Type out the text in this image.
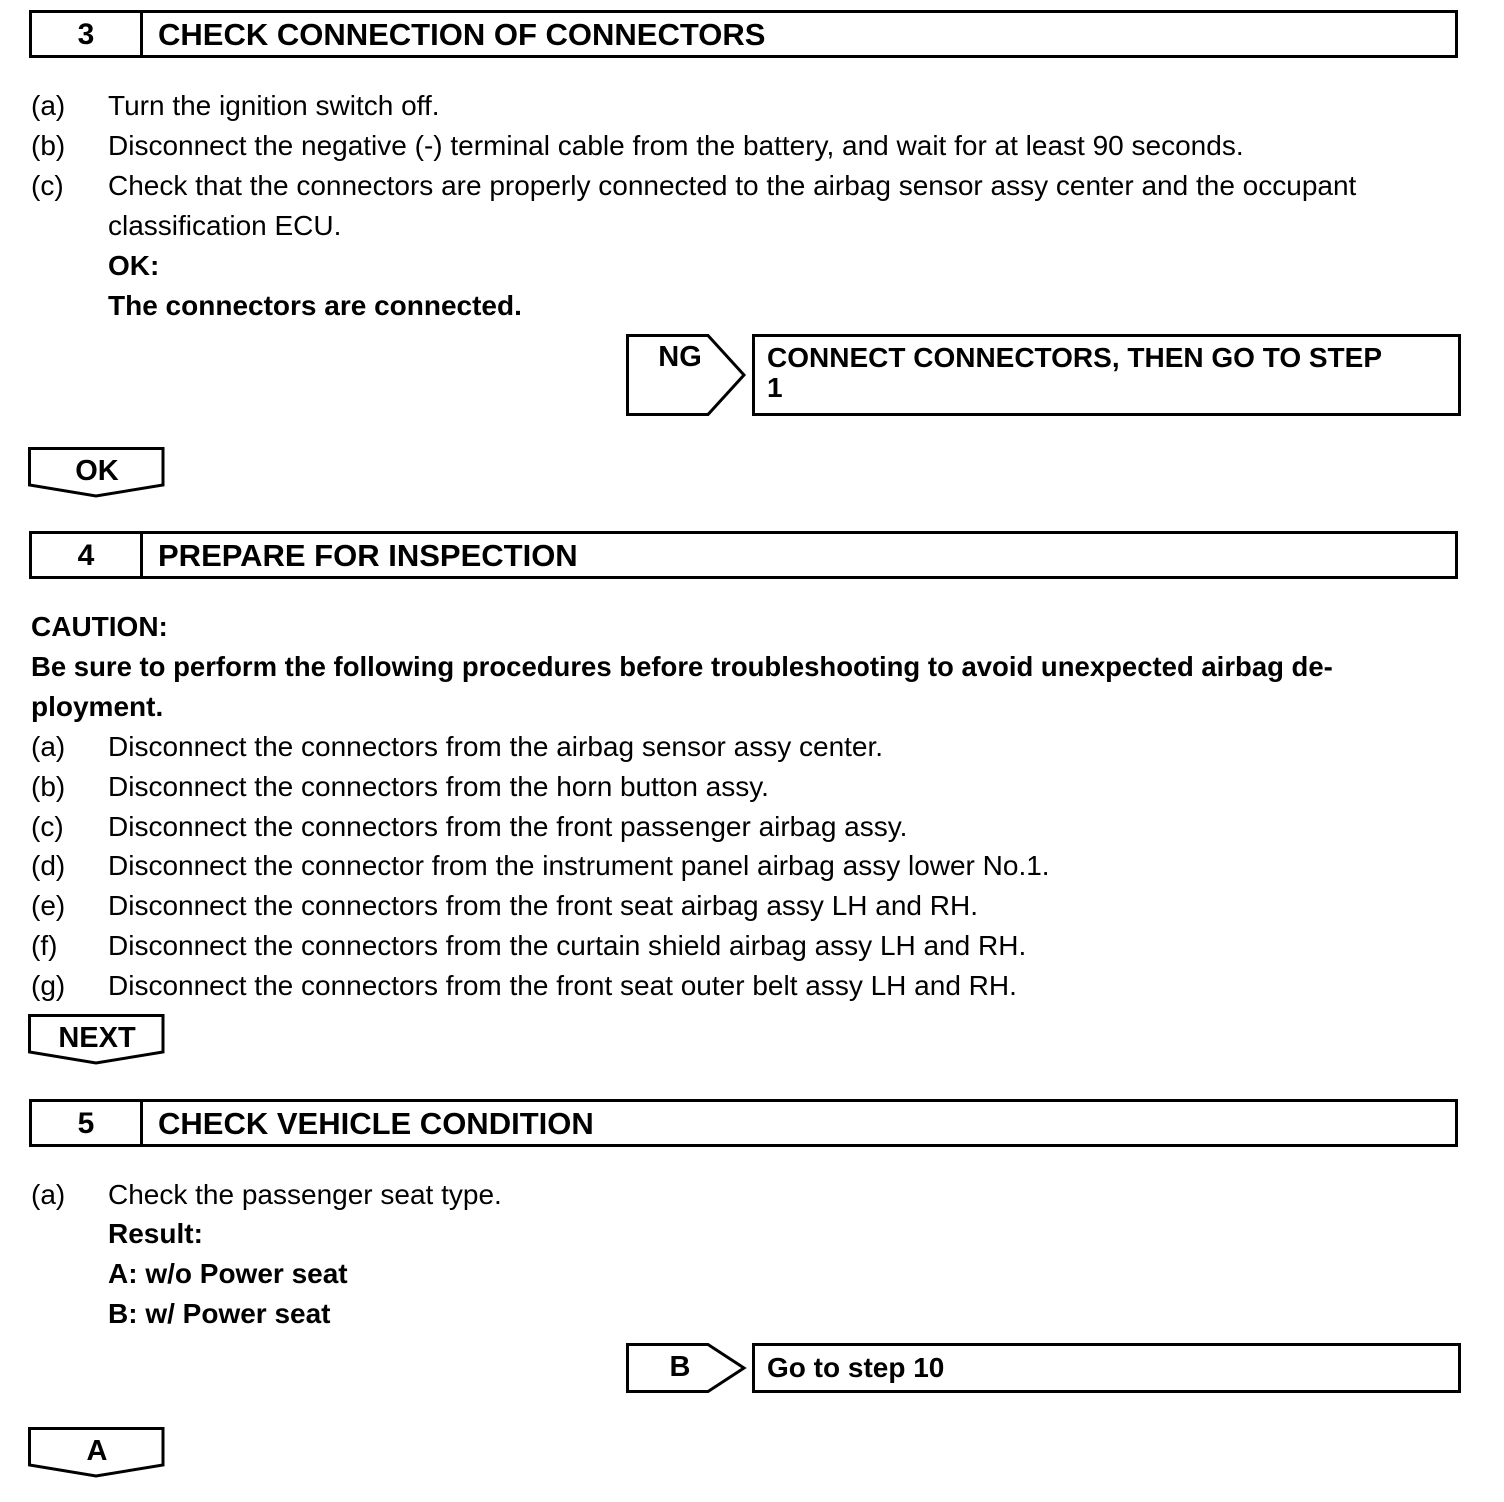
3	CHECK CONNECTION OF CONNECTORS
(a) Turn the ignition switch off.
(b) Disconnect the negative (-) terminal cable from the battery, and wait for at least 90 seconds.
(c) Check that the connectors are properly connected to the airbag sensor assy center and the occupant
classification ECU.
OK:
The connectors are connected.
NG	CONNECT CONNECTORS, THEN GO TO STEP
1
OK
4	PREPARE FOR INSPECTION
CAUTION:
Be sure to perform the following procedures before troubleshooting to avoid unexpected airbag de-
ployment.
(a) Disconnect the connectors from the airbag sensor assy center.
(b) Disconnect the connectors from the horn button assy.
(c) Disconnect the connectors from the front passenger airbag assy.
(d) Disconnect the connector from the instrument panel airbag assy lower No.1.
(e) Disconnect the connectors from the front seat airbag assy LH and RH.
(f) Disconnect the connectors from the curtain shield airbag assy LH and RH.
(g) Disconnect the connectors from the front seat outer belt assy LH and RH.
NEXT
5	CHECK VEHICLE CONDITION
(a) Check the passenger seat type.
Result:
A: w/o Power seat
B: w/ Power seat
B	Go to step 10
A
